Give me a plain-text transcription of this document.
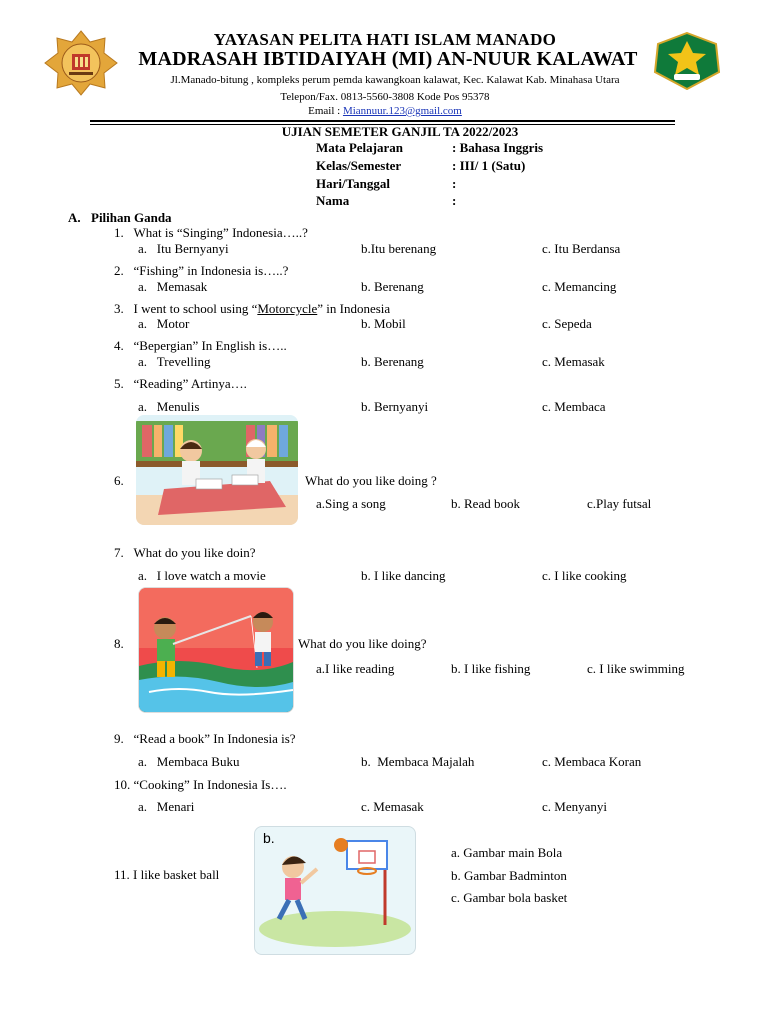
YAYASAN PELITA HATI ISLAM MANADO
MADRASAH IBTIDAIYAH (MI) AN-NUUR KALAWAT
Jl.Manado-bitung , kompleks perum pemda kawangkoan kalawat, Kec. Kalawat Kab. Minahasa Utara
Telepon/Fax. 0813-5560-3808 Kode Pos 95378
Email : Miannuur.123@gmail.com
UJIAN SEMETER GANJIL TA 2022/2023
Mata Pelajaran	: Bahasa Inggris
Kelas/Semester	: III/ 1 (Satu)
Hari/Tanggal	:
Nama	:
A. Pilihan Ganda
1.   What is “Singing” Indonesia…..?
a.   Itu Bernyanyi	b.Itu berenang	c. Itu Berdansa
2.   “Fishing” in Indonesia is…..?
a.   Memasak	b. Berenang	c. Memancing
3.   I went to school using “Motorcycle” in Indonesia
a.   Motor	b. Mobil	c. Sepeda
4.   “Bepergian” In English is…..
a.   Trevelling	b. Berenang	c. Memasak
5.   “Reading” Artinya….
a.   Menulis	b. Bernyanyi	c. Membaca
6.	What do you like doing ?
a.Sing a song	b. Read book	c.Play futsal
7.   What do you like doin?
a.   I love watch a movie	b. I like dancing	c. I like cooking
8.	What do you like doing?
a.I like reading	b. I like fishing	c. I like swimming
9.   “Read a book” In Indonesia is?
a.   Membaca Buku	b.  Membaca Majalah	c. Membaca Koran
10. “Cooking” In Indonesia Is….
a.   Menari	c. Memasak	c. Menyanyi
b.
11. I like basket ball
a. Gambar main Bola
b. Gambar Badminton
c. Gambar bola basket
